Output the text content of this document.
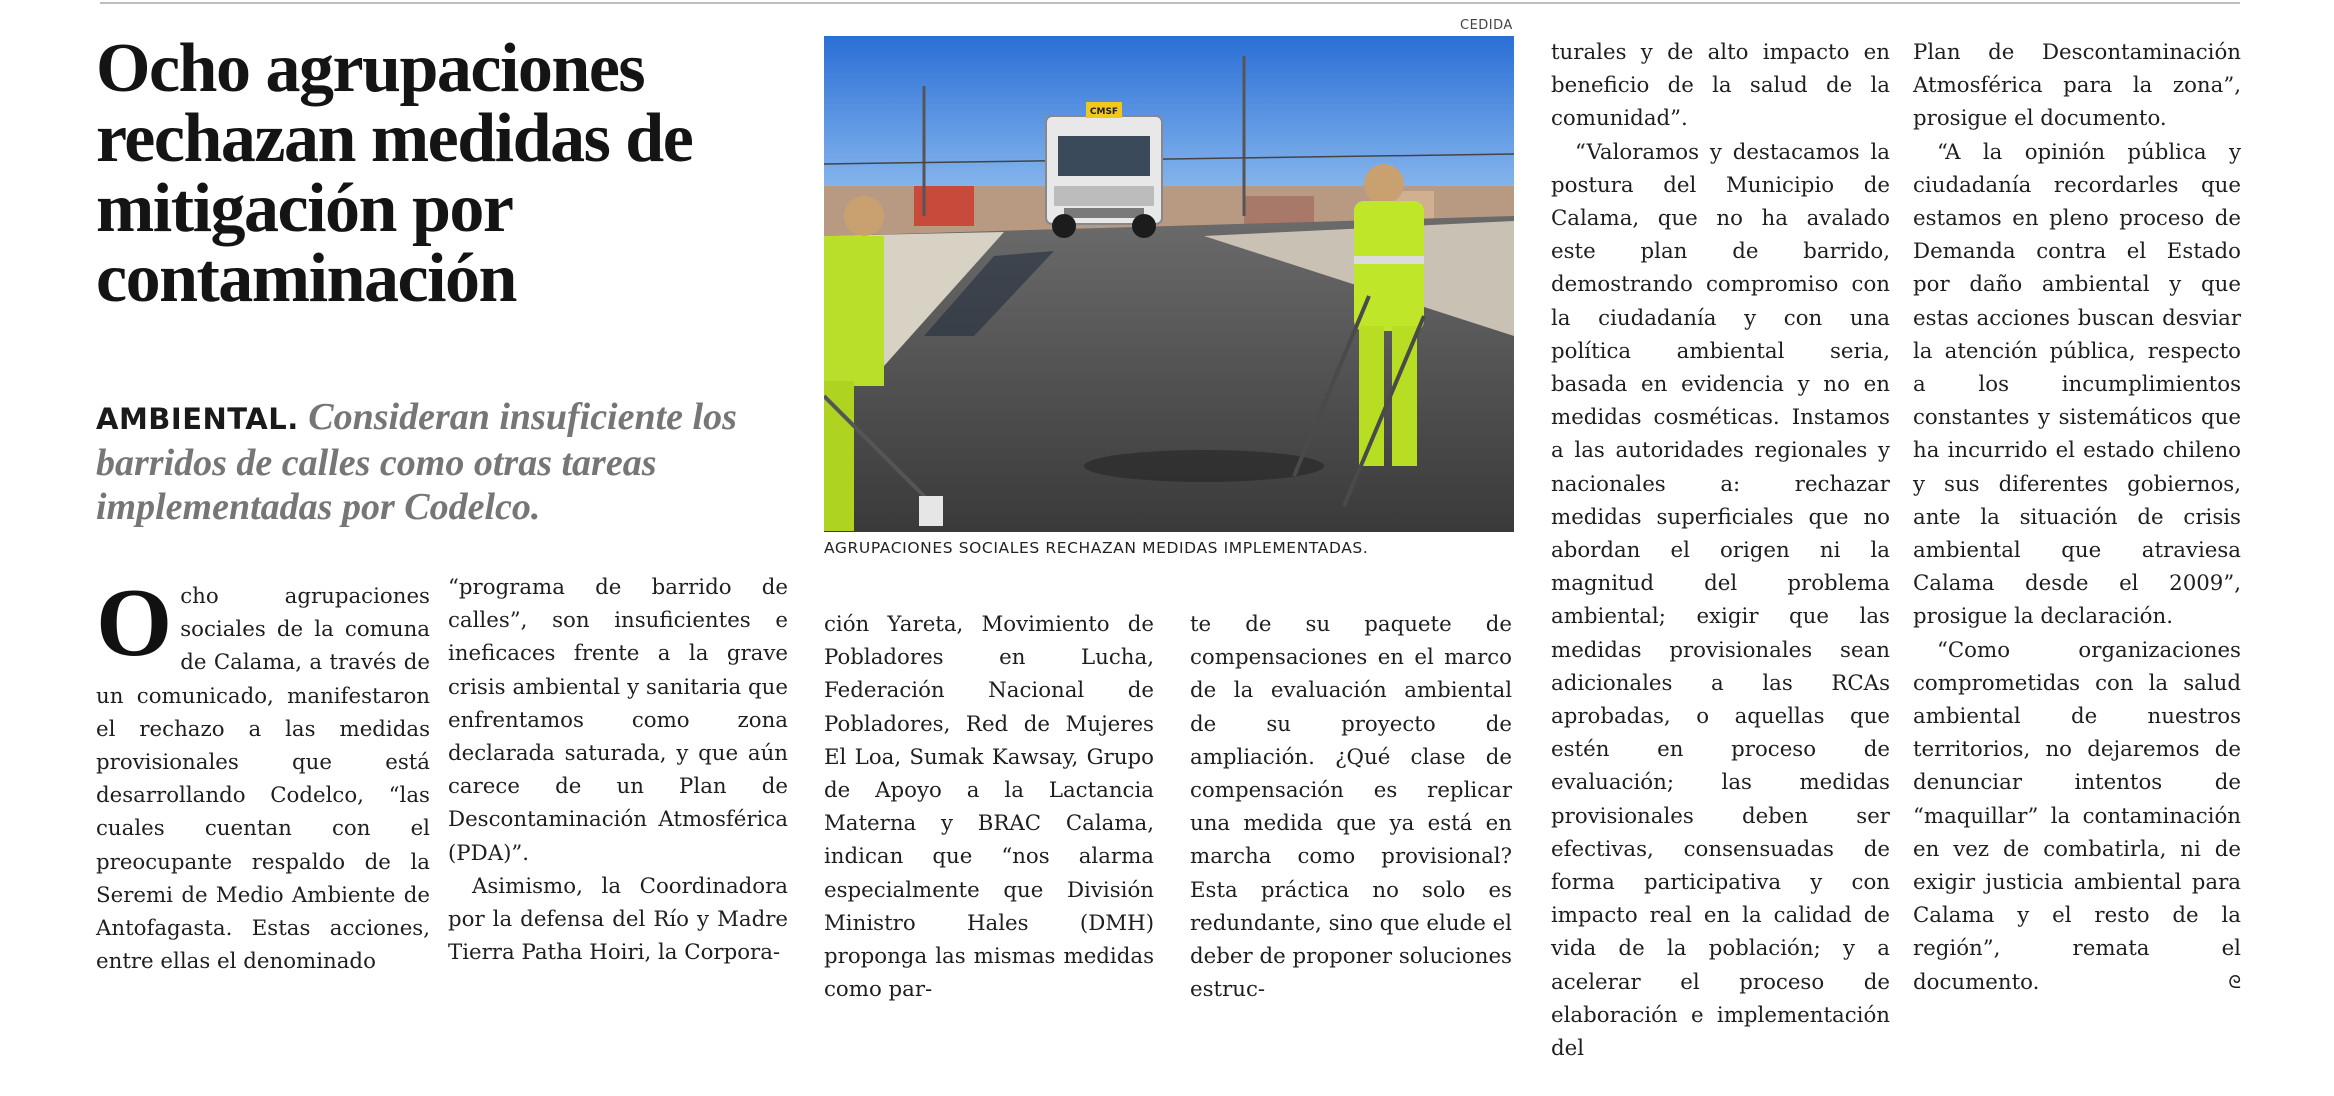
Ocho agrupaciones rechazan medidas de mitigación por contaminación
AMBIENTAL. Consideran insuficiente los barridos de calles como otras tareas implementadas por Codelco.
CEDIDA
CMSF
AGRUPACIONES SOCIALES RECHAZAN MEDIDAS IMPLEMENTADAS.

Ocho agrupaciones sociales de la comuna de Calama, a través de un comunicado, manifestaron el rechazo a las medidas provisionales que está desarrollando Codelco, “las cuales cuentan con el preocupante respaldo de la Seremi de Medio Ambiente de Antofagasta. Estas acciones, entre ellas el denominado

“programa de barrido de calles”, son insuficientes e ineficaces frente a la grave crisis ambiental y sanitaria que enfrentamos como zona declarada saturada, y que aún carece de un Plan de Descontaminación Atmosférica (PDA)”.

Asimismo, la Coordinadora por la defensa del Río y Madre Tierra Patha Hoiri, la Corpora-

ción Yareta, Movimiento de Pobladores en Lucha, Federación Nacional de Pobladores, Red de Mujeres El Loa, Sumak Kawsay, Grupo de Apoyo a la Lactancia Materna y BRAC Calama, indican que “nos alarma especialmente que División Ministro Hales (DMH) proponga las mismas medidas como par-

te de su paquete de compensaciones en el marco de la evaluación ambiental de su proyecto de ampliación. ¿Qué clase de compensación es replicar una medida que ya está en marcha como provisional? Esta práctica no solo es redundante, sino que elude el deber de proponer soluciones estruc-

turales y de alto impacto en beneficio de la salud de la comunidad”.

“Valoramos y destacamos la postura del Municipio de Calama, que no ha avalado este plan de barrido, demostrando compromiso con la ciudadanía y con una política ambiental seria, basada en evidencia y no en medidas cosméticas. Instamos a las autoridades regionales y nacionales a: rechazar medidas superficiales que no abordan el origen ni la magnitud del problema ambiental; exigir que las medidas provisionales sean adicionales a las RCAs aprobadas, o aquellas que estén en proceso de evaluación; las medidas provisionales deben ser efectivas, consensuadas de forma participativa y con impacto real en la calidad de vida de la población; y a acelerar el proceso de elaboración e implementación del

Plan de Descontaminación Atmosférica para la zona”, prosigue el documento.

“A la opinión pública y ciudadanía recordarles que estamos en pleno proceso de Demanda contra el Estado por daño ambiental y que estas acciones buscan desviar la atención pública, respecto a los incumplimientos constantes y sistemáticos que ha incurrido el estado chileno y sus diferentes gobiernos, ante la situación de crisis ambiental que atraviesa Calama desde el 2009”, prosigue la declaración.

“Como organizaciones comprometidas con la salud ambiental de nuestros territorios, no dejaremos de denunciar intentos de “maquillar” la contaminación en vez de combatirla, ni de exigir justicia ambiental para Calama y el resto de la región”, remata el documento.	ᘓ
